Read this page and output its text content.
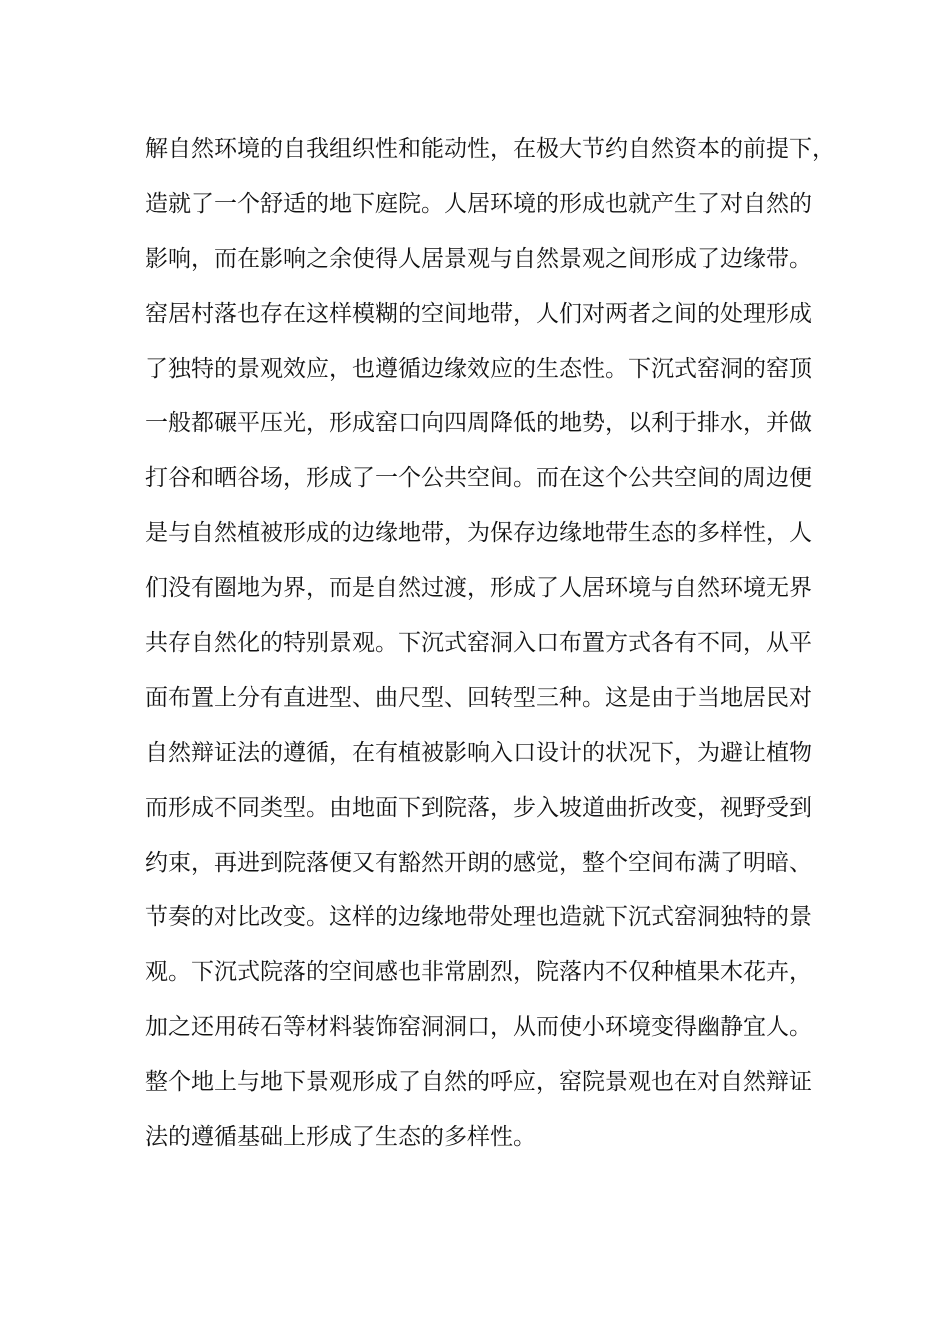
解自然环境的自我组织性和能动性，在极大节约自然资本的前提下，
造就了一个舒适的地下庭院。人居环境的形成也就产生了对自然的
影响，而在影响之余使得人居景观与自然景观之间形成了边缘带。
窑居村落也存在这样模糊的空间地带，人们对两者之间的处理形成
了独特的景观效应，也遵循边缘效应的生态性。下沉式窑洞的窑顶
一般都碾平压光，形成窑口向四周降低的地势，以利于排水，并做
打谷和晒谷场，形成了一个公共空间。而在这个公共空间的周边便
是与自然植被形成的边缘地带，为保存边缘地带生态的多样性，人
们没有圈地为界，而是自然过渡，形成了人居环境与自然环境无界
共存自然化的特别景观。下沉式窑洞入口布置方式各有不同，从平
面布置上分有直进型、曲尺型、回转型三种。这是由于当地居民对
自然辩证法的遵循，在有植被影响入口设计的状况下，为避让植物
而形成不同类型。由地面下到院落，步入坡道曲折改变，视野受到
约束，再进到院落便又有豁然开朗的感觉，整个空间布满了明暗、
节奏的对比改变。这样的边缘地带处理也造就下沉式窑洞独特的景
观。下沉式院落的空间感也非常剧烈，院落内不仅种植果木花卉，
加之还用砖石等材料装饰窑洞洞口，从而使小环境变得幽静宜人。
整个地上与地下景观形成了自然的呼应，窑院景观也在对自然辩证
法的遵循基础上形成了生态的多样性。
